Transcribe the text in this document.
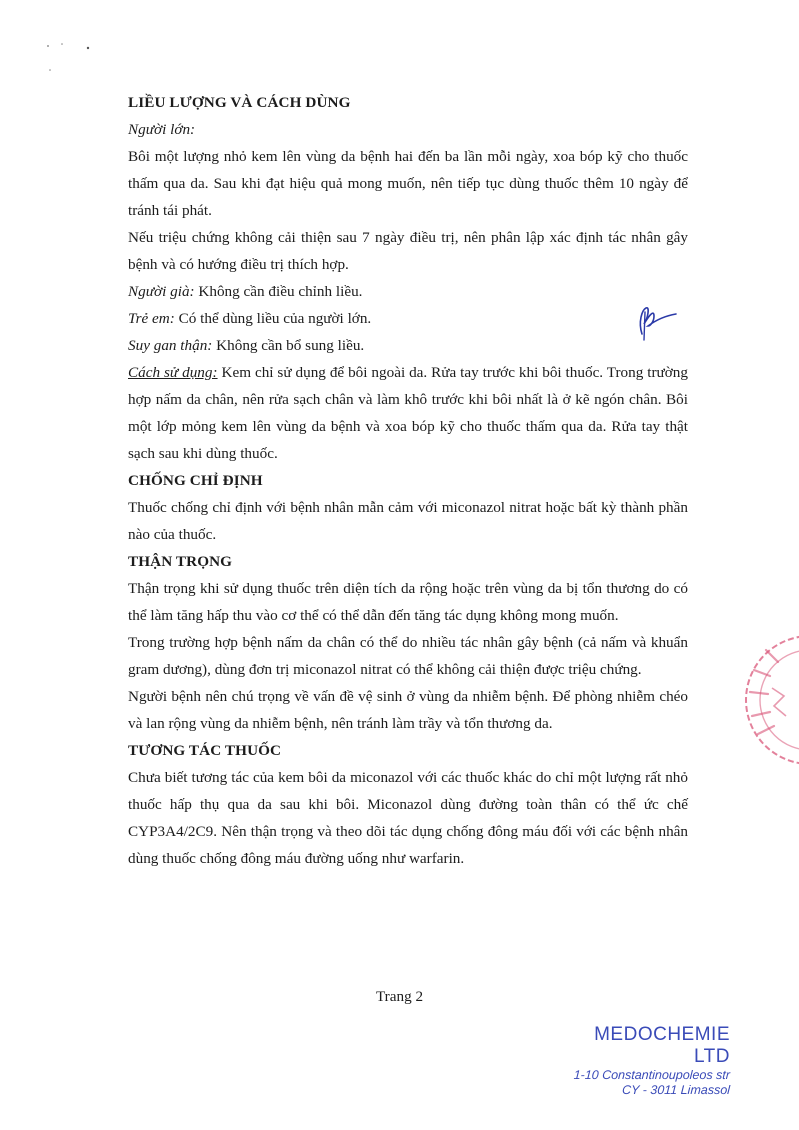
LIỀU LƯỢNG VÀ CÁCH DÙNG

Người lớn:

Bôi một lượng nhỏ kem lên vùng da bệnh hai đến ba lần mỗi ngày, xoa bóp kỹ cho thuốc thấm qua da. Sau khi đạt hiệu quả mong muốn, nên tiếp tục dùng thuốc thêm 10 ngày để tránh tái phát.

Nếu triệu chứng không cải thiện sau 7 ngày điều trị, nên phân lập xác định tác nhân gây bệnh và có hướng điều trị thích hợp.

Người già: Không cần điều chỉnh liều.

Trẻ em: Có thể dùng liều của người lớn.

Suy gan thận: Không cần bổ sung liều.

Cách sử dụng: Kem chỉ sử dụng để bôi ngoài da. Rửa tay trước khi bôi thuốc. Trong trường hợp nấm da chân, nên rửa sạch chân và làm khô trước khi bôi nhất là ở kẽ ngón chân. Bôi một lớp mỏng kem lên vùng da bệnh và xoa bóp kỹ cho thuốc thấm qua da. Rửa tay thật sạch sau khi dùng thuốc.

CHỐNG CHỈ ĐỊNH

Thuốc chống chỉ định với bệnh nhân mẫn cảm với miconazol nitrat hoặc bất kỳ thành phần nào của thuốc.

THẬN TRỌNG

Thận trọng khi sử dụng thuốc trên diện tích da rộng hoặc trên vùng da bị tổn thương do có thể làm tăng hấp thu vào cơ thể có thể dẫn đến tăng tác dụng không mong muốn.

Trong trường hợp bệnh nấm da chân có thể do nhiều tác nhân gây bệnh (cả nấm và khuẩn gram dương), dùng đơn trị miconazol nitrat có thể không cải thiện được triệu chứng.

Người bệnh nên chú trọng về vấn đề vệ sinh ở vùng da nhiễm bệnh. Để phòng nhiễm chéo và lan rộng vùng da nhiễm bệnh, nên tránh làm trầy và tổn thương da.

TƯƠNG TÁC THUỐC

Chưa biết tương tác của kem bôi da miconazol với các thuốc khác do chỉ một lượng rất nhỏ thuốc hấp thụ qua da sau khi bôi. Miconazol dùng đường toàn thân có thể ức chế CYP3A4/2C9. Nên thận trọng và theo dõi tác dụng chống đông máu đối với các bệnh nhân dùng thuốc chống đông máu đường uống như warfarin.

Trang 2
MEDOCHEMIE LTD
1-10 Constantinoupoleos str
CY - 3011 Limassol
